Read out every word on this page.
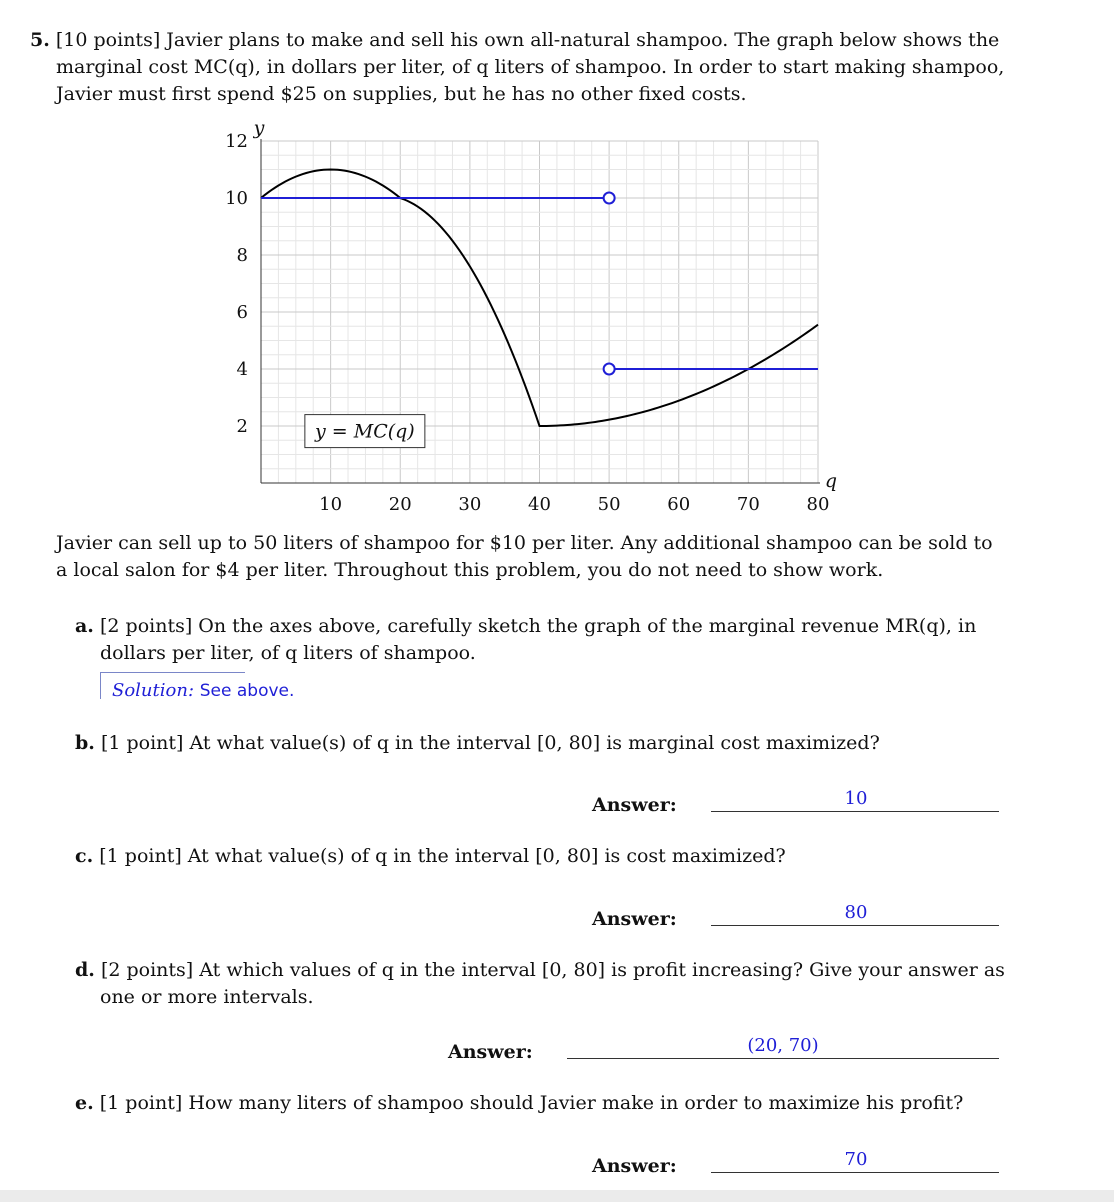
5. [10 points] Javier plans to make and sell his own all-natural shampoo. The graph below shows the
marginal cost MC(q), in dollars per liter, of q liters of shampoo. In order to start making shampoo,
Javier must first spend $25 on supplies, but he has no other fixed costs.
10	20	30	40	50	60	70	80
2
4
6
8
10
12
y
q
y = MC(q)
Javier can sell up to 50 liters of shampoo for $10 per liter. Any additional shampoo can be sold to
a local salon for $4 per liter. Throughout this problem, you do not need to show work.
a. [2 points] On the axes above, carefully sketch the graph of the marginal revenue MR(q), in
dollars per liter, of q liters of shampoo.
Solution: See above.
b. [1 point] At what value(s) of q in the interval [0, 80] is marginal cost maximized?
Answer:	10
c. [1 point] At what value(s) of q in the interval [0, 80] is cost maximized?
Answer:	80
d. [2 points] At which values of q in the interval [0, 80] is profit increasing? Give your answer as
one or more intervals.
Answer:	(20, 70)
e. [1 point] How many liters of shampoo should Javier make in order to maximize his profit?
Answer:	70
